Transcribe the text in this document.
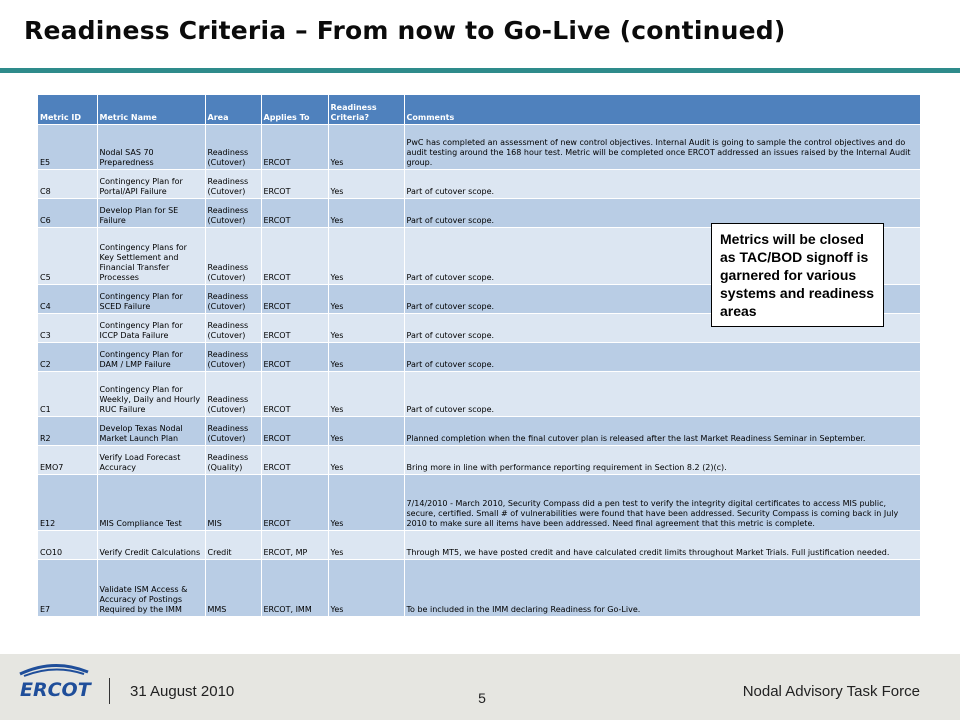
Readiness Criteria – From now to Go-Live (continued)
Metric ID	Metric Name	Area	Applies To	Readiness Criteria?	Comments
E5	Nodal SAS 70 Preparedness	Readiness (Cutover)	ERCOT	Yes	PwC has completed an assessment of new control objectives. Internal Audit is going to sample the control objectives and do audit testing around the 168 hour test. Metric will be completed once ERCOT addressed an issues raised by the Internal Audit group.
C8	Contingency Plan for Portal/API Failure	Readiness (Cutover)	ERCOT	Yes	Part of cutover scope.
C6	Develop Plan for SE Failure	Readiness (Cutover)	ERCOT	Yes	Part of cutover scope.
C5	Contingency Plans for Key Settlement and Financial Transfer Processes	Readiness (Cutover)	ERCOT	Yes	Part of cutover scope.
C4	Contingency Plan for SCED Failure	Readiness (Cutover)	ERCOT	Yes	Part of cutover scope.
C3	Contingency Plan for ICCP Data Failure	Readiness (Cutover)	ERCOT	Yes	Part of cutover scope.
C2	Contingency Plan for DAM / LMP Failure	Readiness (Cutover)	ERCOT	Yes	Part of cutover scope.
C1	Contingency Plan for Weekly, Daily and Hourly RUC Failure	Readiness (Cutover)	ERCOT	Yes	Part of cutover scope.
R2	Develop Texas Nodal Market Launch Plan	Readiness (Cutover)	ERCOT	Yes	Planned completion when the final cutover plan is released after the last Market Readiness Seminar in September.
EMO7	Verify Load Forecast Accuracy	Readiness (Quality)	ERCOT	Yes	Bring more in line with performance reporting requirement in Section 8.2 (2)(c).
E12	MIS Compliance Test	MIS	ERCOT	Yes	7/14/2010 - March 2010, Security Compass did a pen test to verify the integrity digital certificates to access MIS public, secure, certified. Small # of vulnerabilities were found that have been addressed. Security Compass is coming back in July 2010 to make sure all items have been addressed. Need final agreement that this metric is complete.
CO10	Verify Credit Calculations	Credit	ERCOT, MP	Yes	Through MT5, we have posted credit and have calculated credit limits throughout Market Trials. Full justification needed.
E7	Validate ISM Access & Accuracy of Postings Required by the IMM	MMS	ERCOT, IMM	Yes	To be included in the IMM declaring Readiness for Go-Live.
Metrics will be closed as TAC/BOD signoff is garnered for various systems and readiness areas
ERCOT	31 August 2010	5	Nodal Advisory Task Force
